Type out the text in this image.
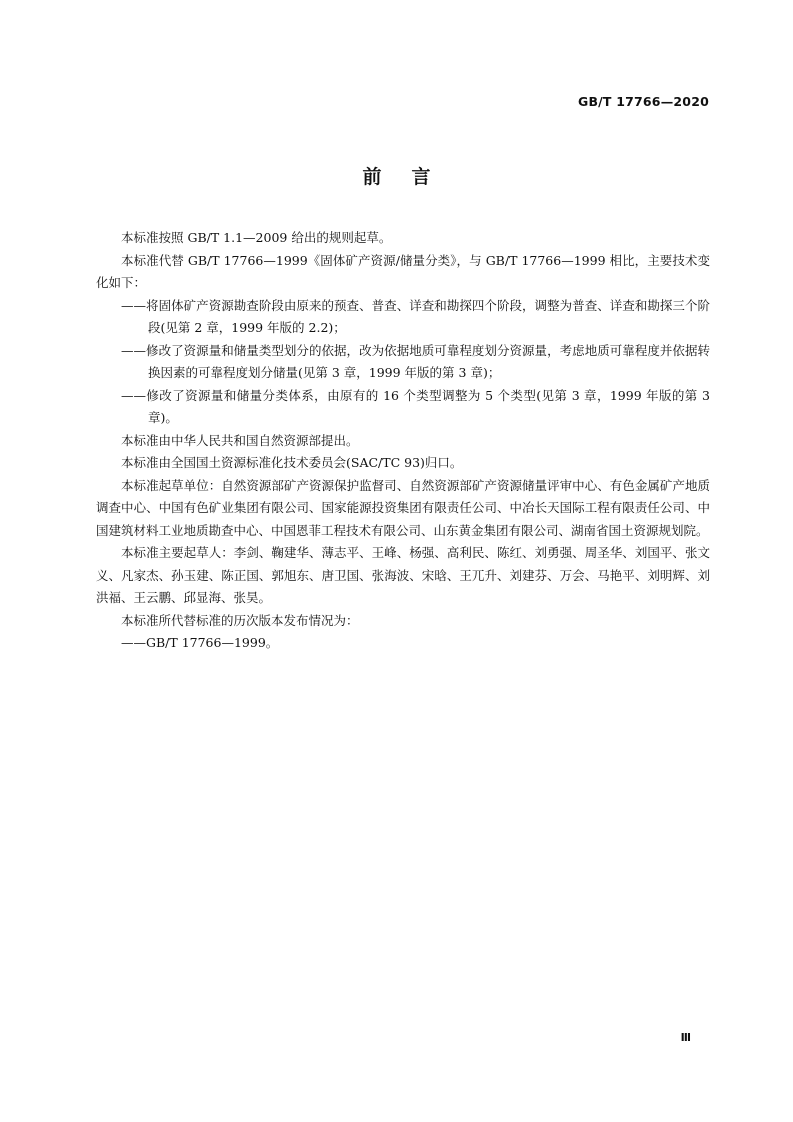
GB/T 17766—2020
前言

本标准按照 GB/T 1.1—2009 给出的规则起草。

本标准代替 GB/T 17766—1999《固体矿产资源/储量分类》，与 GB/T 17766—1999 相比，主要技术变化如下：

——将固体矿产资源勘查阶段由原来的预查、普查、详查和勘探四个阶段，调整为普查、详查和勘探三个阶段(见第 2 章，1999 年版的 2.2)；

——修改了资源量和储量类型划分的依据，改为依据地质可靠程度划分资源量，考虑地质可靠程度并依据转换因素的可靠程度划分储量(见第 3 章，1999 年版的第 3 章)；

——修改了资源量和储量分类体系，由原有的 16 个类型调整为 5 个类型(见第 3 章，1999 年版的第 3 章)。

本标准由中华人民共和国自然资源部提出。

本标准由全国国土资源标准化技术委员会(SAC/TC 93)归口。

本标准起草单位：自然资源部矿产资源保护监督司、自然资源部矿产资源储量评审中心、有色金属矿产地质调查中心、中国有色矿业集团有限公司、国家能源投资集团有限责任公司、中冶长天国际工程有限责任公司、中国建筑材料工业地质勘查中心、中国恩菲工程技术有限公司、山东黄金集团有限公司、湖南省国土资源规划院。

本标准主要起草人：李剑、鞠建华、薄志平、王峰、杨强、高利民、陈红、刘勇强、周圣华、刘国平、张文义、凡家杰、孙玉建、陈正国、郭旭东、唐卫国、张海波、宋晗、王兀升、刘建芬、万会、马艳平、刘明辉、刘洪福、王云鹏、邱显海、张昊。

本标准所代替标准的历次版本发布情况为：

——GB/T 17766—1999。

Ⅲ
